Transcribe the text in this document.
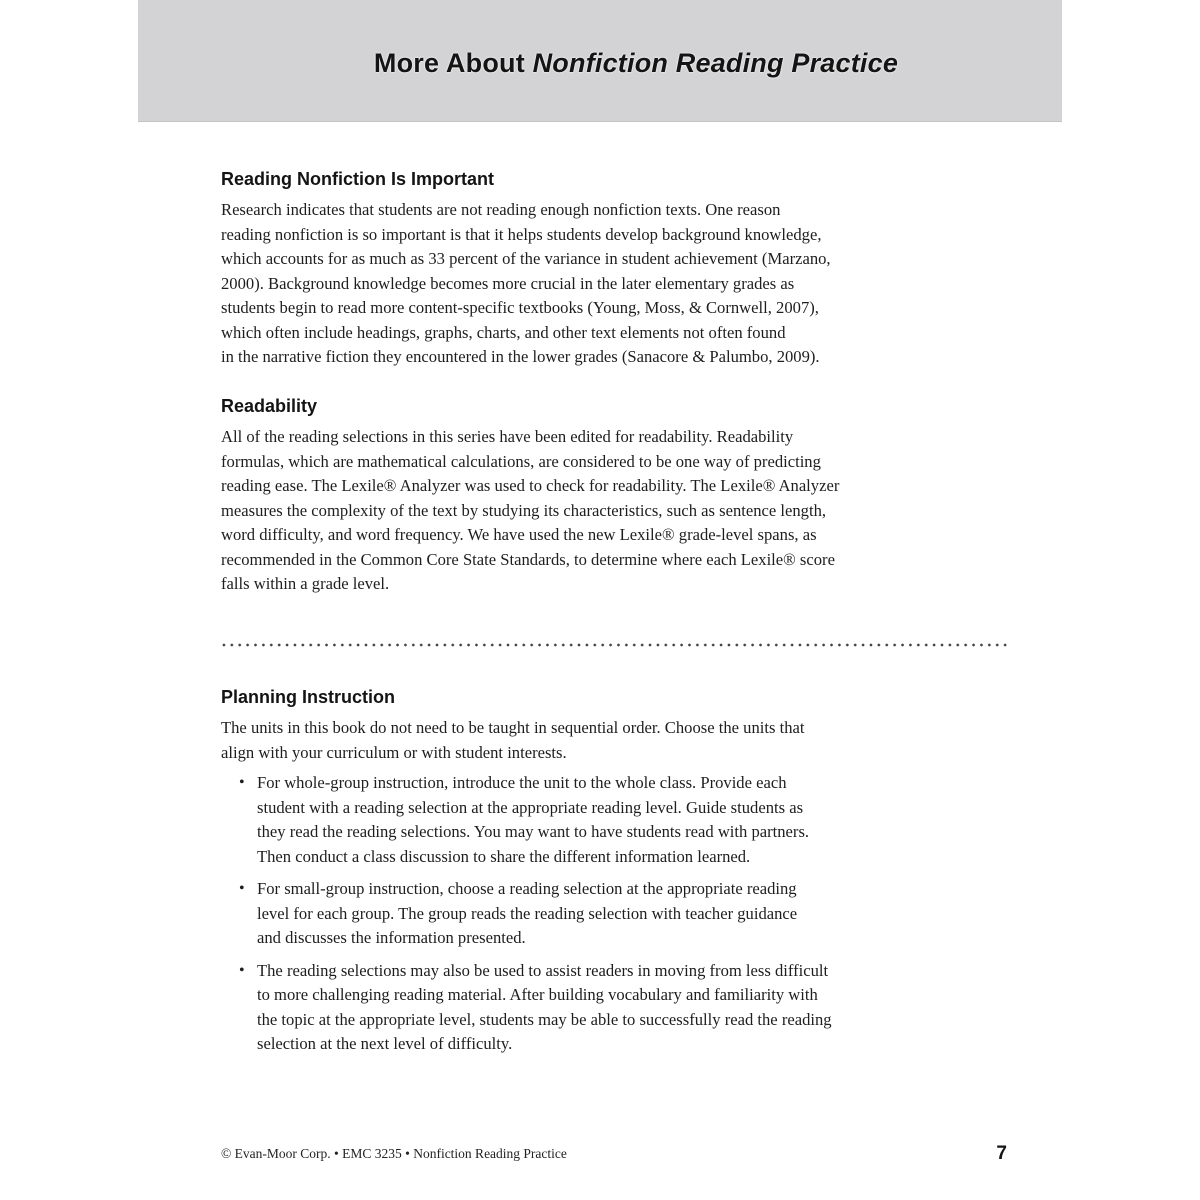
More About Nonfiction Reading Practice
Reading Nonfiction Is Important

Research indicates that students are not reading enough nonfiction texts. One reason
reading nonfiction is so important is that it helps students develop background knowledge,
which accounts for as much as 33 percent of the variance in student achievement (Marzano,
2000). Background knowledge becomes more crucial in the later elementary grades as
students begin to read more content-specific textbooks (Young, Moss, & Cornwell, 2007),
which often include headings, graphs, charts, and other text elements not often found
in the narrative fiction they encountered in the lower grades (Sanacore & Palumbo, 2009).

Readability

All of the reading selections in this series have been edited for readability. Readability
formulas, which are mathematical calculations, are considered to be one way of predicting
reading ease. The Lexile® Analyzer was used to check for readability. The Lexile® Analyzer
measures the complexity of the text by studying its characteristics, such as sentence length,
word difficulty, and word frequency. We have used the new Lexile® grade-level spans, as
recommended in the Common Core State Standards, to determine where each Lexile® score
falls within a grade level.

Planning Instruction

The units in this book do not need to be taught in sequential order. Choose the units that
align with your curriculum or with student interests.

• For whole-group instruction, introduce the unit to the whole class. Provide each
student with a reading selection at the appropriate reading level. Guide students as
they read the reading selections. You may want to have students read with partners.
Then conduct a class discussion to share the different information learned.
• For small-group instruction, choose a reading selection at the appropriate reading
level for each group. The group reads the reading selection with teacher guidance
and discusses the information presented.
• The reading selections may also be used to assist readers in moving from less difficult
to more challenging reading material. After building vocabulary and familiarity with
the topic at the appropriate level, students may be able to successfully read the reading
selection at the next level of difficulty.
© Evan-Moor Corp. • EMC 3235 • Nonfiction Reading Practice	7
